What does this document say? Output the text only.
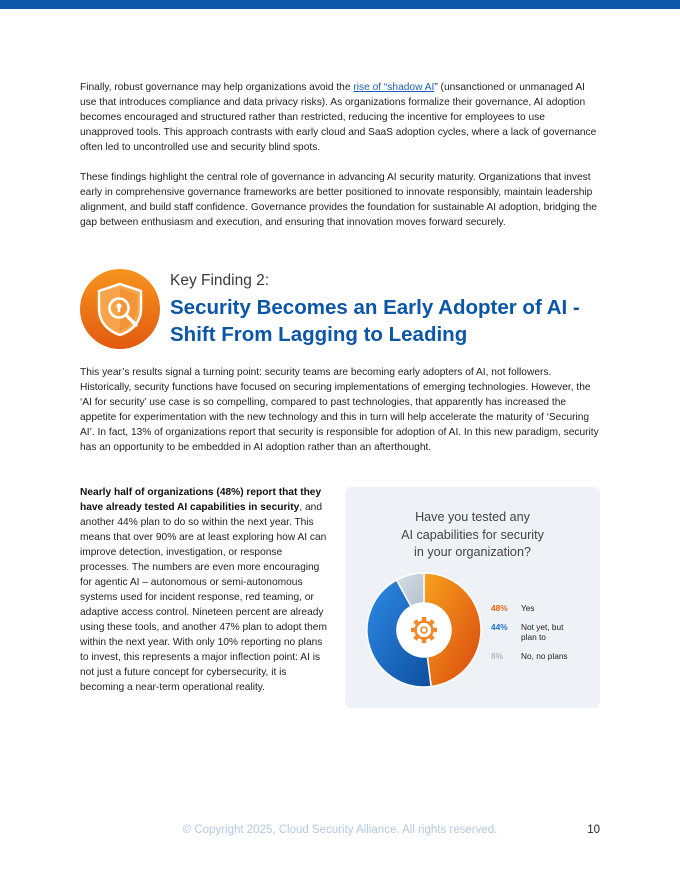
Finally, robust governance may help organizations avoid the rise of “shadow AI” (unsanctioned or unmanaged AI use that introduces compliance and data privacy risks). As organizations formalize their governance, AI adoption becomes encouraged and structured rather than restricted, reducing the incentive for employees to use unapproved tools. This approach contrasts with early cloud and SaaS adoption cycles, where a lack of governance often led to uncontrolled use and security blind spots.

These findings highlight the central role of governance in advancing AI security maturity. Organizations that invest early in comprehensive governance frameworks are better positioned to innovate responsibly, maintain leadership alignment, and build staff confidence. Governance provides the foundation for sustainable AI adoption, bridging the gap between enthusiasm and execution, and ensuring that innovation moves forward securely.

Key Finding 2:
Security Becomes an Early Adopter of AI - Shift From Lagging to Leading

This year’s results signal a turning point: security teams are becoming early adopters of AI, not followers. Historically, security functions have focused on securing implementations of emerging technologies. However, the ‘AI for security’ use case is so compelling, compared to past technologies, that apparently has increased the appetite for experimentation with the new technology and this in turn will help accelerate the maturity of ‘Securing AI’. In fact, 13% of organizations report that security is responsible for adoption of AI. In this new paradigm, security has an opportunity to be embedded in AI adoption rather than an afterthought.

Nearly half of organizations (48%) report that they have already tested AI capabilities in security, and another 44% plan to do so within the next year. This means that over 90% are at least exploring how AI can improve detection, investigation, or response processes. The numbers are even more encouraging for agentic AI – autonomous or semi-autonomous systems used for incident response, red teaming, or adaptive access control. Nineteen percent are already using these tools, and another 47% plan to adopt them within the next year. With only 10% reporting no plans to invest, this represents a major inflection point: AI is not just a future concept for cybersecurity, it is becoming a near-term operational reality.

Have you tested any
AI capabilities for security
in your organization?
48% Yes
44% Not yet, but plan to
8% No, no plans
© Copyright 2025, Cloud Security Alliance. All rights reserved.	10
